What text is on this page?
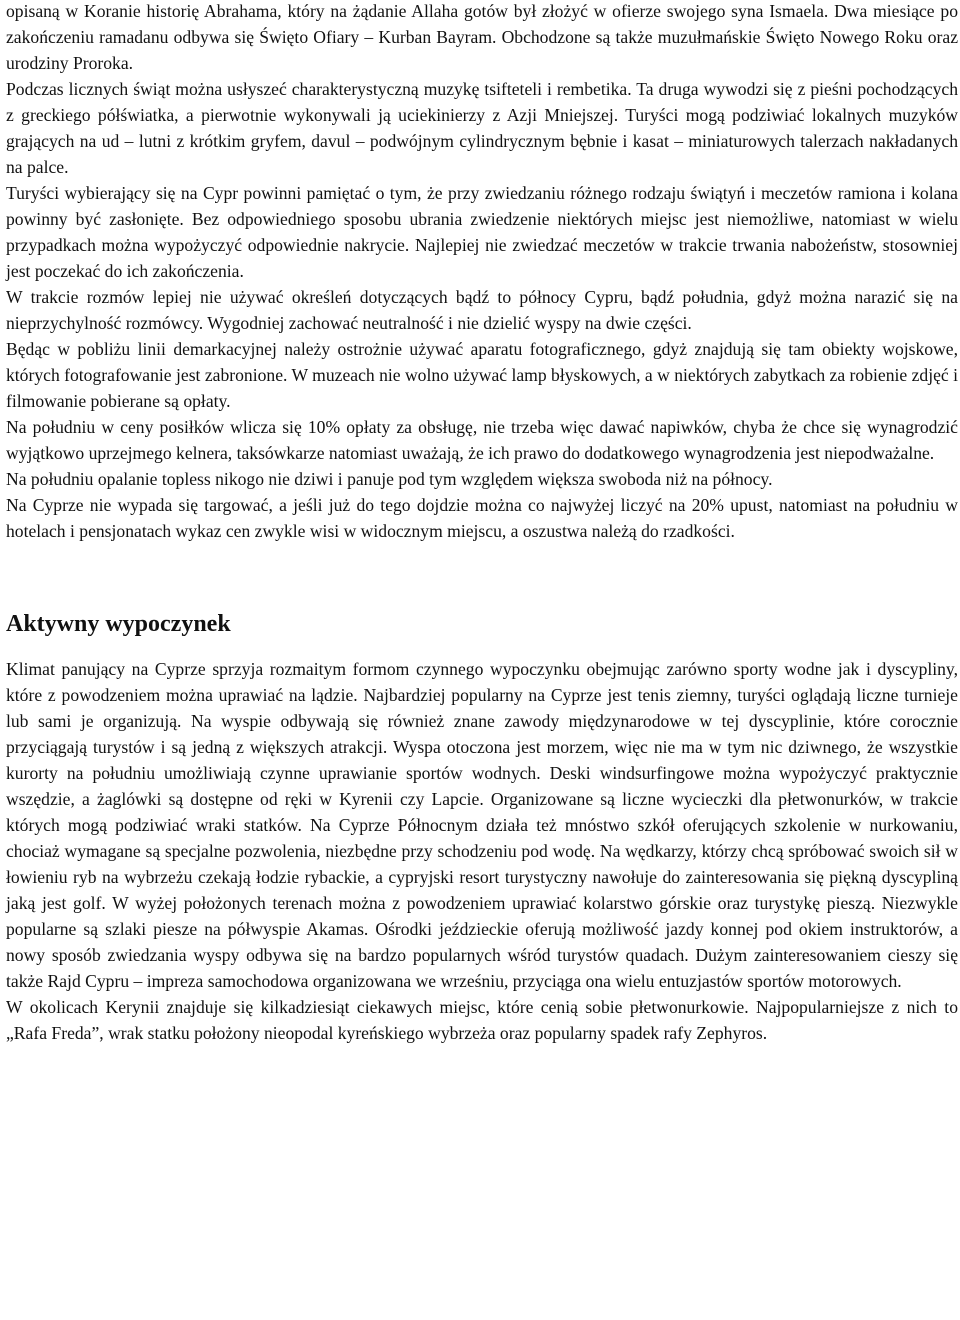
opisaną w Koranie historię Abrahama, który na żądanie Allaha gotów był złożyć w ofierze swojego syna Ismaela. Dwa miesiące po zakończeniu ramadanu odbywa się Święto Ofiary – Kurban Bayram. Obchodzone są także muzułmańskie Święto Nowego Roku oraz urodziny Proroka.

Podczas licznych świąt można usłyszeć charakterystyczną muzykę tsifteteli i rembetika. Ta druga wywodzi się z pieśni pochodzących z greckiego półświatka, a pierwotnie wykonywali ją uciekinierzy z Azji Mniejszej. Turyści mogą podziwiać lokalnych muzyków grających na ud – lutni z krótkim gryfem, davul – podwójnym cylindrycznym bębnie i kasat – miniaturowych talerzach nakładanych na palce.

Turyści wybierający się na Cypr powinni pamiętać o tym, że przy zwiedzaniu różnego rodzaju świątyń i meczetów ramiona i kolana powinny być zasłonięte. Bez odpowiedniego sposobu ubrania zwiedzenie niektórych miejsc jest niemożliwe, natomiast w wielu przypadkach można wypożyczyć odpowiednie nakrycie. Najlepiej nie zwiedzać meczetów w trakcie trwania nabożeństw, stosowniej jest poczekać do ich zakończenia.

W trakcie rozmów lepiej nie używać określeń dotyczących bądź to północy Cypru, bądź południa, gdyż można narazić się na nieprzychylność rozmówcy. Wygodniej zachować neutralność i nie dzielić wyspy na dwie części.

Będąc w pobliżu linii demarkacyjnej należy ostrożnie używać aparatu fotograficznego, gdyż znajdują się tam obiekty wojskowe, których fotografowanie jest zabronione. W muzeach nie wolno używać lamp błyskowych, a w niektórych zabytkach za robienie zdjęć i filmowanie pobierane są opłaty.

Na południu w ceny posiłków wlicza się 10% opłaty za obsługę, nie trzeba więc dawać napiwków, chyba że chce się wynagrodzić wyjątkowo uprzejmego kelnera, taksówkarze natomiast uważają, że ich prawo do dodatkowego wynagrodzenia jest niepodważalne.

Na południu opalanie topless nikogo nie dziwi i panuje pod tym względem większa swoboda niż na północy.

Na Cyprze nie wypada się targować, a jeśli już do tego dojdzie można co najwyżej liczyć na 20% upust, natomiast na południu w hotelach i pensjonatach wykaz cen zwykle wisi w widocznym miejscu, a oszustwa należą do rzadkości.

Aktywny wypoczynek

Klimat panujący na Cyprze sprzyja rozmaitym formom czynnego wypoczynku obejmując zarówno sporty wodne jak i dyscypliny, które z powodzeniem można uprawiać na lądzie. Najbardziej popularny na Cyprze jest tenis ziemny, turyści oglądają liczne turnieje lub sami je organizują. Na wyspie odbywają się również znane zawody międzynarodowe w tej dyscyplinie, które corocznie przyciągają turystów i są jedną z większych atrakcji. Wyspa otoczona jest morzem, więc nie ma w tym nic dziwnego, że wszystkie kurorty na południu umożliwiają czynne uprawianie sportów wodnych. Deski windsurfingowe można wypożyczyć praktycznie wszędzie, a żaglówki są dostępne od ręki w Kyrenii czy Lapcie. Organizowane są liczne wycieczki dla płetwonurków, w trakcie których mogą podziwiać wraki statków. Na Cyprze Północnym działa też mnóstwo szkół oferujących szkolenie w nurkowaniu, chociaż wymagane są specjalne pozwolenia, niezbędne przy schodzeniu pod wodę. Na wędkarzy, którzy chcą spróbować swoich sił w łowieniu ryb na wybrzeżu czekają łodzie rybackie, a cypryjski resort turystyczny nawołuje do zainteresowania się piękną dyscypliną jaką jest golf. W wyżej położonych terenach można z powodzeniem uprawiać kolarstwo górskie oraz turystykę pieszą. Niezwykle popularne są szlaki piesze na półwyspie Akamas. Ośrodki jeździeckie oferują możliwość jazdy konnej pod okiem instruktorów, a nowy sposób zwiedzania wyspy odbywa się na bardzo popularnych wśród turystów quadach. Dużym zainteresowaniem cieszy się także Rajd Cypru – impreza samochodowa organizowana we wrześniu, przyciąga ona wielu entuzjastów sportów motorowych.

W okolicach Kerynii znajduje się kilkadziesiąt ciekawych miejsc, które cenią sobie płetwonurkowie. Najpopularniejsze z nich to „Rafa Freda”, wrak statku położony nieopodal kyreńskiego wybrzeża oraz popularny spadek rafy Zephyros.
